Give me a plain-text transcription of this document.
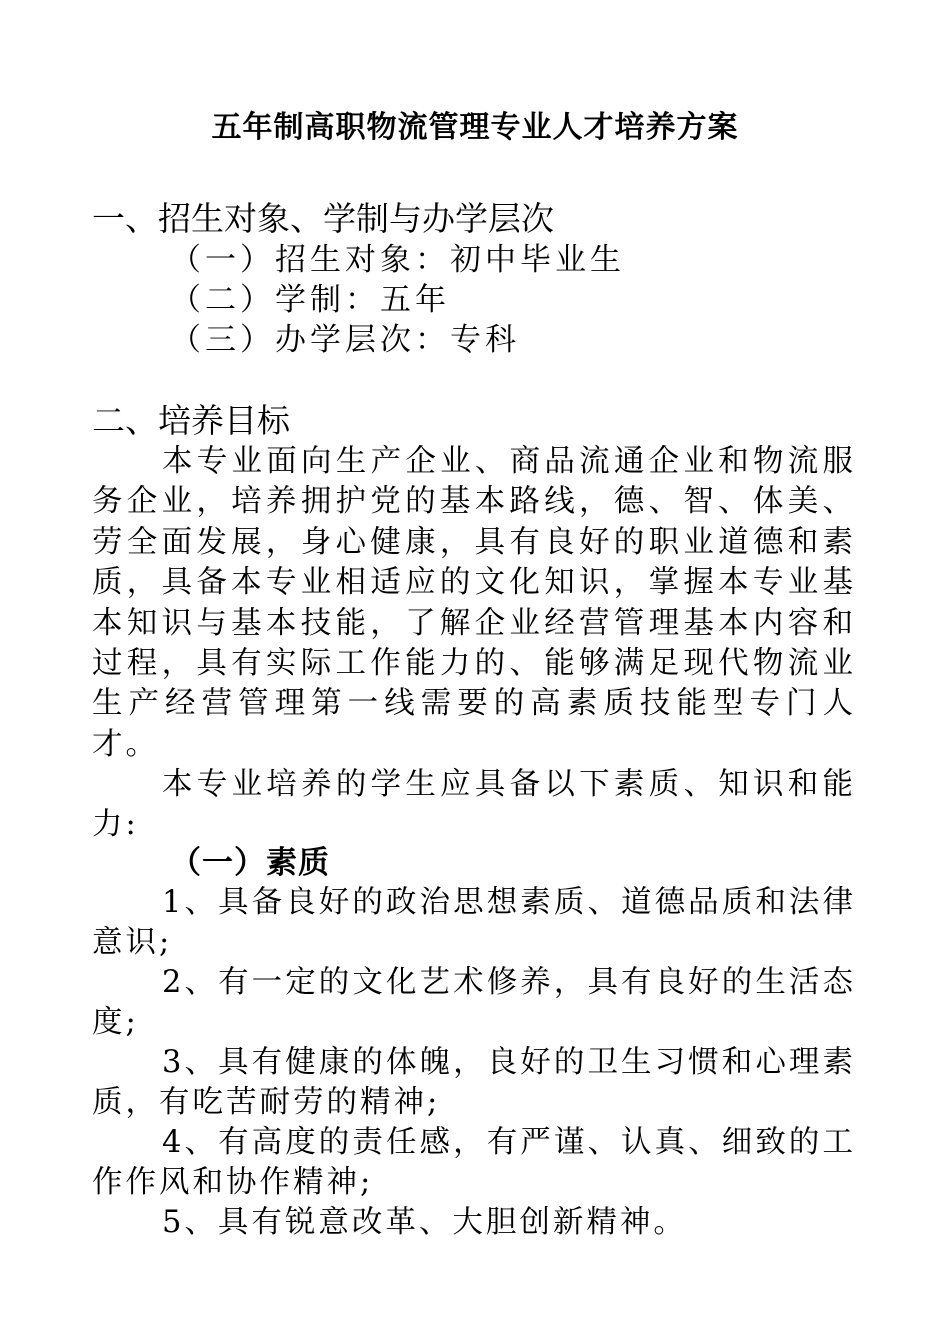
五年制高职物流管理专业人才培养方案
一、招生对象、学制与办学层次
（一）招生对象：初中毕业生
（二）学制：五年
（三）办学层次：专科
二、培养目标

本专业面向生产企业、商品流通企业和物流服务企业，培养拥护党的基本路线，德、智、体美、劳全面发展，身心健康，具有良好的职业道德和素质，具备本专业相适应的文化知识，掌握本专业基本知识与基本技能，了解企业经营管理基本内容和过程，具有实际工作能力的、能够满足现代物流业生产经营管理第一线需要的高素质技能型专门人才。

本专业培养的学生应具备以下素质、知识和能力:

（一）素质

1、具备良好的政治思想素质、道德品质和法律意识;

2、有一定的文化艺术修养，具有良好的生活态度;

3、具有健康的体魄，良好的卫生习惯和心理素质，有吃苦耐劳的精神;

4、有高度的责任感，有严谨、认真、细致的工作作风和协作精神;

5、具有锐意改革、大胆创新精神。
